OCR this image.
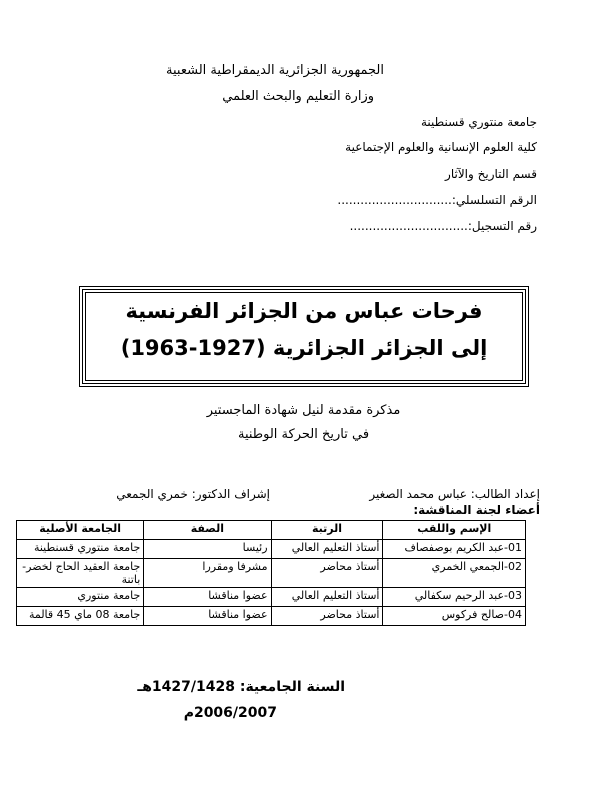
الجمهورية الجزائرية الديمقراطية الشعبية
وزارة التعليم والبحث العلمي
جامعة منتوري قسنطينة
كلية العلوم الإنسانية والعلوم الإجتماعية
قسم التاريخ والآثار
الرقم التسلسلي:..............................
رقم التسجيل:...............................
فرحات عباس من الجزائر الفرنسية
إلى الجزائر الجزائرية (1927-1963)
مذكرة مقدمة لنيل شهادة الماجستير
في تاريخ الحركة الوطنية
إعداد الطالب: عباس محمد الصغير
إشراف الدكتور: خمري الجمعي
أعضاء لجنة المناقشة:
الإسم واللقب	الرتبة	الصفة	الجامعة الأصلية
01-عبد الكريم بوصفصاف	أستاذ التعليم العالي	رئيسا	جامعة منتوري قسنطينة
02-الجمعي الخمري	أستاذ محاضر	مشرفا ومقررا	جامعة العقيد الحاج لخضر- باتنة
03-عبد الرحيم سكفالي	أستاذ التعليم العالي	عضوا مناقشا	جامعة منتوري
04-صالح فركوس	أستاذ محاضر	عضوا مناقشا	جامعة 08 ماي 45 قالمة
السنة الجامعية: 1427/1428هـ
2006/2007م
